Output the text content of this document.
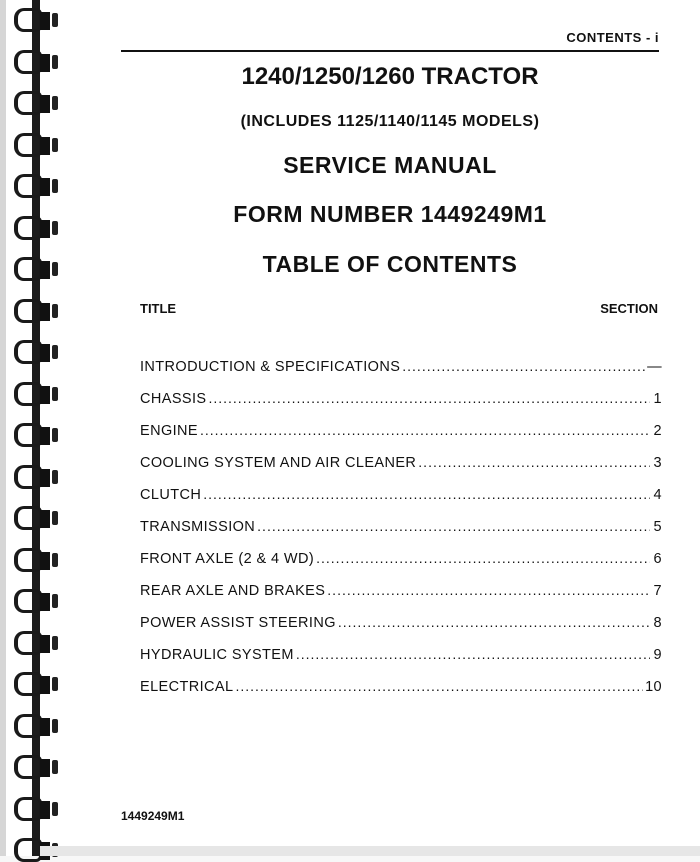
CONTENTS - i
1240/1250/1260 TRACTOR
(INCLUDES 1125/1140/1145 MODELS)
SERVICE MANUAL
FORM NUMBER 1449249M1
TABLE OF CONTENTS
TITLE	SECTION
INTRODUCTION & SPECIFICATIONS .....	—
CHASSIS .....	1
ENGINE .....	2
COOLING SYSTEM AND AIR CLEANER .....	3
CLUTCH .....	4
TRANSMISSION .....	5
FRONT AXLE (2 & 4 WD) .....	6
REAR AXLE AND BRAKES .....	7
POWER ASSIST STEERING .....	8
HYDRAULIC SYSTEM .....	9
ELECTRICAL .....	10
1449249M1
